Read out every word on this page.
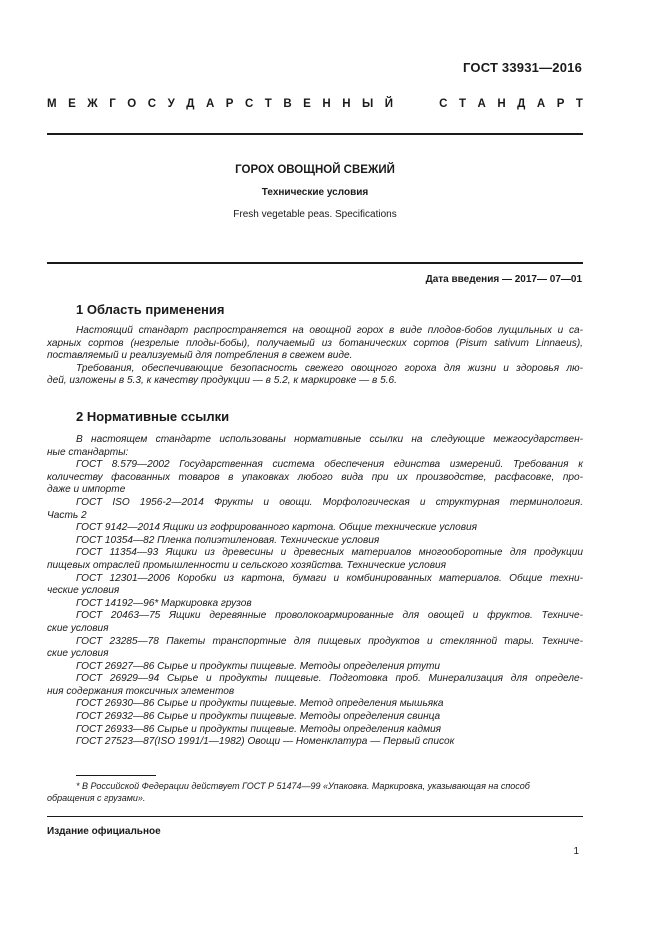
ГОСТ 33931—2016
М Е Ж Г О С У Д А Р С Т В Е Н Н Ы Й	С Т А Н Д А Р Т
ГОРОХ ОВОЩНОЙ СВЕЖИЙ
Технические условия
Fresh vegetable peas. Specifications
Дата введения — 2017— 07—01
1 Область применения
Настоящий стандарт распространяется на овощной горох в виде плодов-бобов лущильных и са-
харных сортов (незрелые плоды-бобы), получаемый из ботанических сортов (Pisum sativum Linnaeus),
поставляемый и реализуемый для потребления в свежем виде.
Требования, обеспечивающие безопасность свежего овощного гороха для жизни и здоровья лю-
дей, изложены в 5.3, к качеству продукции — в 5.2, к маркировке — в 5.6.
2 Нормативные ссылки
В настоящем стандарте использованы нормативные ссылки на следующие межгосударствен-
ные стандарты:
ГОСТ 8.579—2002 Государственная система обеспечения единства измерений. Требования к
количеству фасованных товаров в упаковках любого вида при их производстве, расфасовке, про-
даже и импорте
ГОСТ ISO 1956-2—2014 Фрукты и овощи. Морфологическая и структурная терминология.
Часть 2
ГОСТ 9142—2014 Ящики из гофрированного картона. Общие технические условия
ГОСТ 10354—82 Пленка полиэтиленовая. Технические условия
ГОСТ 11354—93 Ящики из древесины и древесных материалов многооборотные для продукции
пищевых отраслей промышленности и сельского хозяйства. Технические условия
ГОСТ 12301—2006 Коробки из картона, бумаги и комбинированных материалов. Общие техни-
ческие условия
ГОСТ 14192—96* Маркировка грузов
ГОСТ 20463—75 Ящики деревянные проволокоармированные для овощей и фруктов. Техниче-
ские условия
ГОСТ 23285—78 Пакеты транспортные для пищевых продуктов и стеклянной тары. Техниче-
ские условия
ГОСТ 26927—86 Сырье и продукты пищевые. Методы определения ртути
ГОСТ 26929—94 Сырье и продукты пищевые. Подготовка проб. Минерализация для определе-
ния содержания токсичных элементов
ГОСТ 26930—86 Сырье и продукты пищевые. Метод определения мышьяка
ГОСТ 26932—86 Сырье и продукты пищевые. Методы определения свинца
ГОСТ 26933—86 Сырье и продукты пищевые. Методы определения кадмия
ГОСТ 27523—87(ISO 1991/1—1982) Овощи — Номенклатура — Первый список
* В Российской Федерации действует ГОСТ Р 51474—99 «Упаковка. Маркировка, указывающая на способ
обращения с грузами».
Издание официальное
1
